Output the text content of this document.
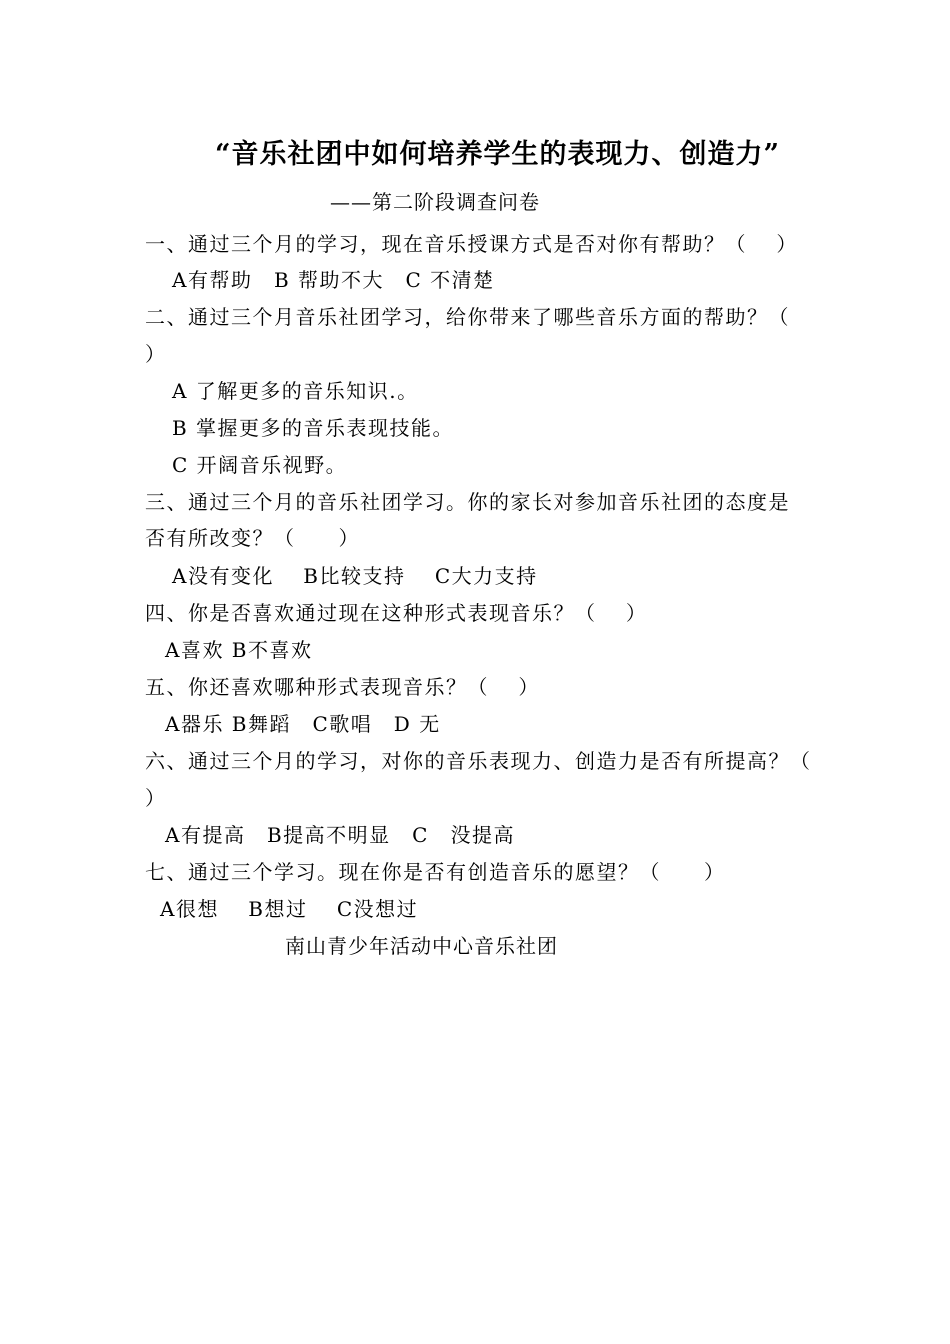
“音乐社团中如何培养学生的表现力、创造力”
——第二阶段调查问卷
一、通过三个月的学习，现在音乐授课方式是否对你有帮助？（　 ）
A有帮助　B 帮助不大　C 不清楚
二、通过三个月音乐社团学习，给你带来了哪些音乐方面的帮助？（
）
A 了解更多的音乐知识.。
B 掌握更多的音乐表现技能。
C 开阔音乐视野。
三、通过三个月的音乐社团学习。你的家长对参加音乐社团的态度是
否有所改变？（　　）
A没有变化　 B比较支持　 C大力支持
四、你是否喜欢通过现在这种形式表现音乐？（　 ）
A喜欢 B不喜欢
五、你还喜欢哪种形式表现音乐？（　 ）
A器乐 B舞蹈　C歌唱　D 无
六、通过三个月的学习，对你的音乐表现力、创造力是否有所提高？（
）
A有提高　B提高不明显　C　没提高
七、通过三个学习。现在你是否有创造音乐的愿望？（　　）
A很想　 B想过　 C没想过
南山青少年活动中心音乐社团
